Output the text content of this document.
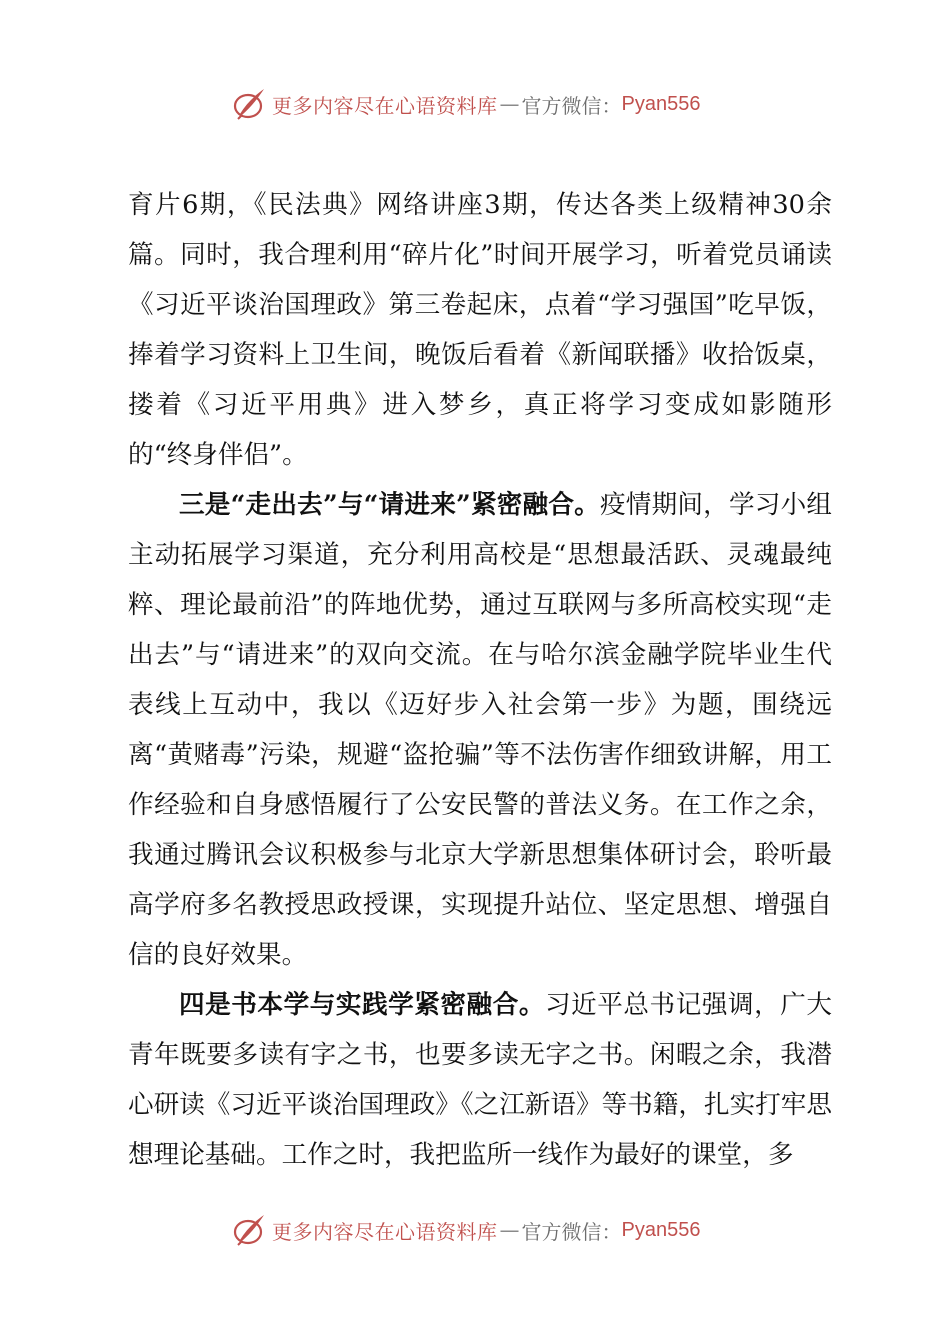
更多内容尽在心语资料库 — 官方微信： Pyan556

育片6期，《民法典》网络讲座3期，传达各类上级精神30余篇。同时，我合理利用“碎片化”时间开展学习，听着党员诵读《习近平谈治国理政》第三卷起床，点着“学习强国”吃早饭，捧着学习资料上卫生间，晚饭后看着《新闻联播》收拾饭桌，搂着《习近平用典》进入梦乡，真正将学习变成如影随形的“终身伴侣”。

三是“走出去”与“请进来”紧密融合。疫情期间，学习小组主动拓展学习渠道，充分利用高校是“思想最活跃、灵魂最纯粹、理论最前沿”的阵地优势，通过互联网与多所高校实现“走出去”与“请进来”的双向交流。在与哈尔滨金融学院毕业生代表线上互动中，我以《迈好步入社会第一步》为题，围绕远离“黄赌毒”污染，规避“盗抢骗”等不法伤害作细致讲解，用工作经验和自身感悟履行了公安民警的普法义务。在工作之余，我通过腾讯会议积极参与北京大学新思想集体研讨会，聆听最高学府多名教授思政授课，实现提升站位、坚定思想、增强自信的良好效果。

四是书本学与实践学紧密融合。习近平总书记强调，广大青年既要多读有字之书，也要多读无字之书。闲暇之余，我潜心研读《习近平谈治国理政》《之江新语》等书籍，扎实打牢思想理论基础。工作之时，我把监所一线作为最好的课堂，多

更多内容尽在心语资料库 — 官方微信： Pyan556
